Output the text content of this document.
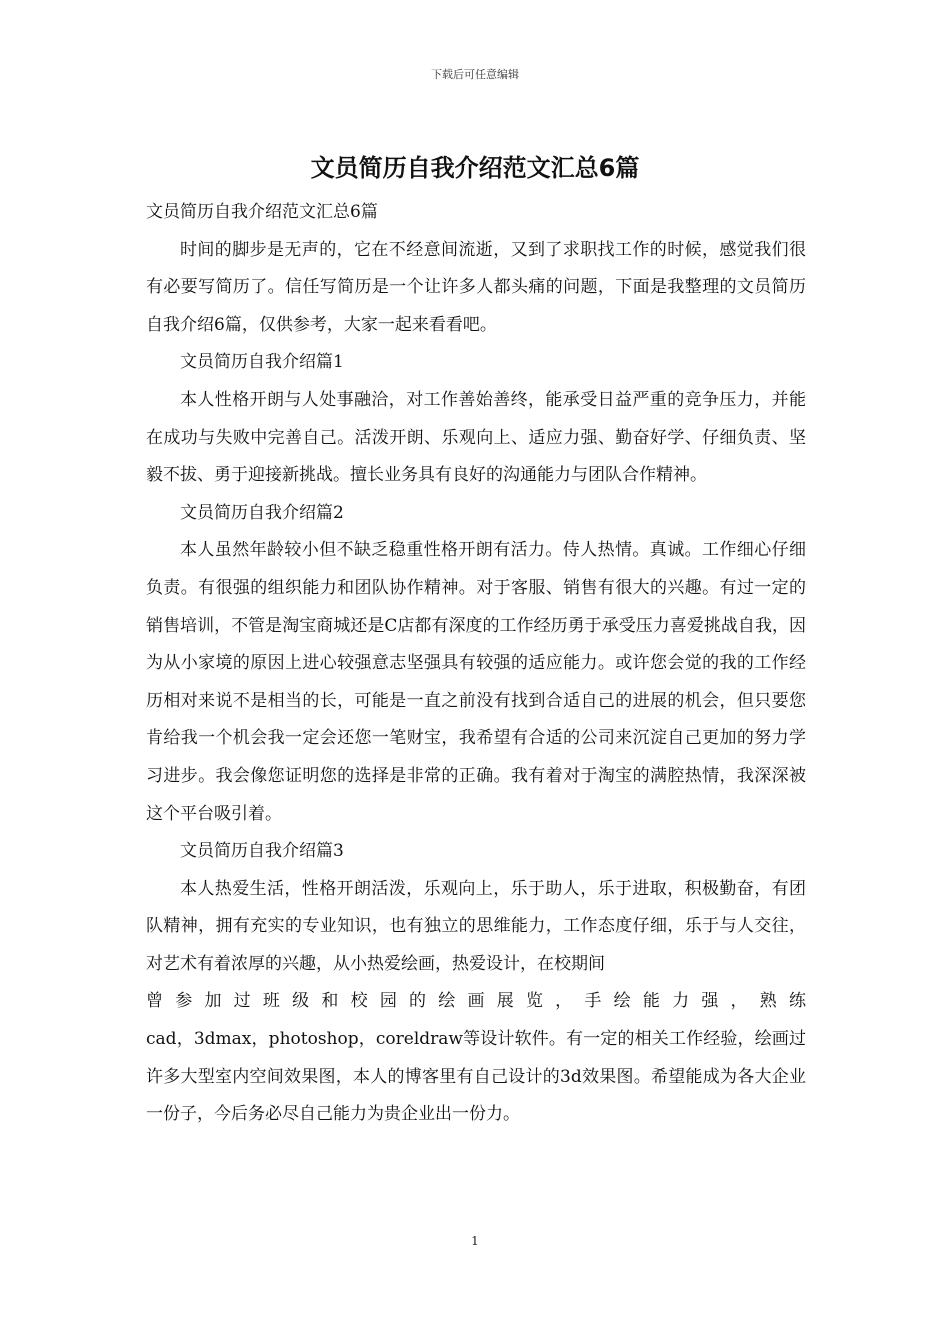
下载后可任意编辑
文员简历自我介绍范文汇总6篇

文员简历自我介绍范文汇总6篇

时间的脚步是无声的，它在不经意间流逝，又到了求职找工作的时候，感觉我们很有必要写简历了。信任写简历是一个让许多人都头痛的问题，下面是我整理的文员简历自我介绍6篇，仅供参考，大家一起来看看吧。

文员简历自我介绍篇1

本人性格开朗与人处事融洽，对工作善始善终，能承受日益严重的竞争压力，并能在成功与失败中完善自己。活泼开朗、乐观向上、适应力强、勤奋好学、仔细负责、坚毅不拔、勇于迎接新挑战。擅长业务具有良好的沟通能力与团队合作精神。

文员简历自我介绍篇2

本人虽然年龄较小但不缺乏稳重性格开朗有活力。侍人热情。真诚。工作细心仔细负责。有很强的组织能力和团队协作精神。对于客服、销售有很大的兴趣。有过一定的销售培训，不管是淘宝商城还是C店都有深度的工作经历勇于承受压力喜爱挑战自我，因为从小家境的原因上进心较强意志坚强具有较强的适应能力。或许您会觉的我的工作经历相对来说不是相当的长，可能是一直之前没有找到合适自己的进展的机会，但只要您肯给我一个机会我一定会还您一笔财宝，我希望有合适的公司来沉淀自己更加的努力学习进步。我会像您证明您的选择是非常的正确。我有着对于淘宝的满腔热情，我深深被这个平台吸引着。

文员简历自我介绍篇3

本人热爱生活，性格开朗活泼，乐观向上，乐于助人，乐于进取，积极勤奋，有团队精神，拥有充实的专业知识，也有独立的思维能力，工作态度仔细，乐于与人交往，对艺术有着浓厚的兴趣，从小热爱绘画，热爱设计，在校期间

曾参加过班级和校园的绘画展览，手绘能力强，熟练

cad，3dmax，photoshop，coreldraw等设计软件。有一定的相关工作经验，绘画过许多大型室内空间效果图，本人的博客里有自己设计的3d效果图。希望能成为各大企业一份子，今后务必尽自己能力为贵企业出一份力。

1
